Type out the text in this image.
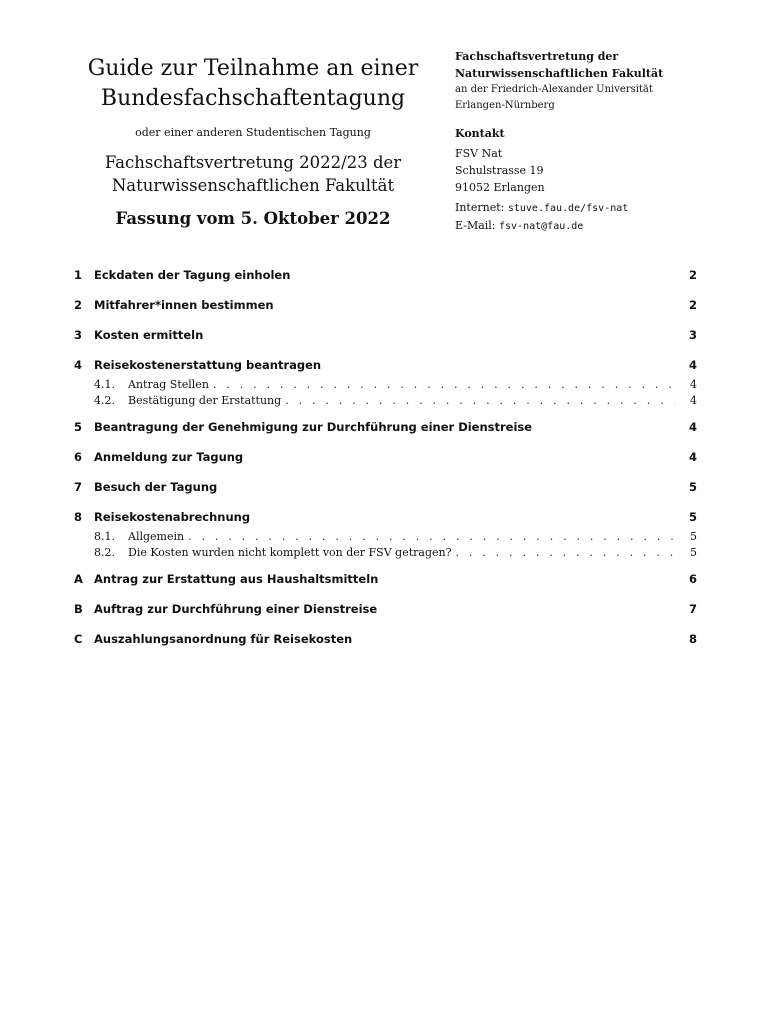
Guide zur Teilnahme an einer
Bundesfachschaftentagung
oder einer anderen Studentischen Tagung
Fachschaftsvertretung 2022/23 der
Naturwissenschaftlichen Fakultät
Fassung vom 5. Oktober 2022
Fachschaftsvertretung der
Naturwissenschaftlichen Fakultät
an der Friedrich-Alexander Universität
Erlangen-Nürnberg
Kontakt
FSV Nat
Schulstrasse 19
91052 Erlangen
Internet: stuve.fau.de/fsv-nat
E-Mail: fsv-nat@fau.de
1	Eckdaten der Tagung einholen	2
2	Mitfahrer*innen bestimmen	2
3	Kosten ermitteln	3
4	Reisekostenerstattung beantragen	4
4.1.	Antrag Stellen . . .	4
4.2.	Bestätigung der Erstattung . . .	4
5	Beantragung der Genehmigung zur Durchführung einer Dienstreise	4
6	Anmeldung zur Tagung	4
7	Besuch der Tagung	5
8	Reisekostenabrechnung	5
8.1.	Allgemein . . .	5
8.2.	Die Kosten wurden nicht komplett von der FSV getragen? . . .	5
A Antrag zur Erstattung aus Haushaltsmitteln	6
B Auftrag zur Durchführung einer Dienstreise	7
C	Auszahlungsanordnung für Reisekosten	8
